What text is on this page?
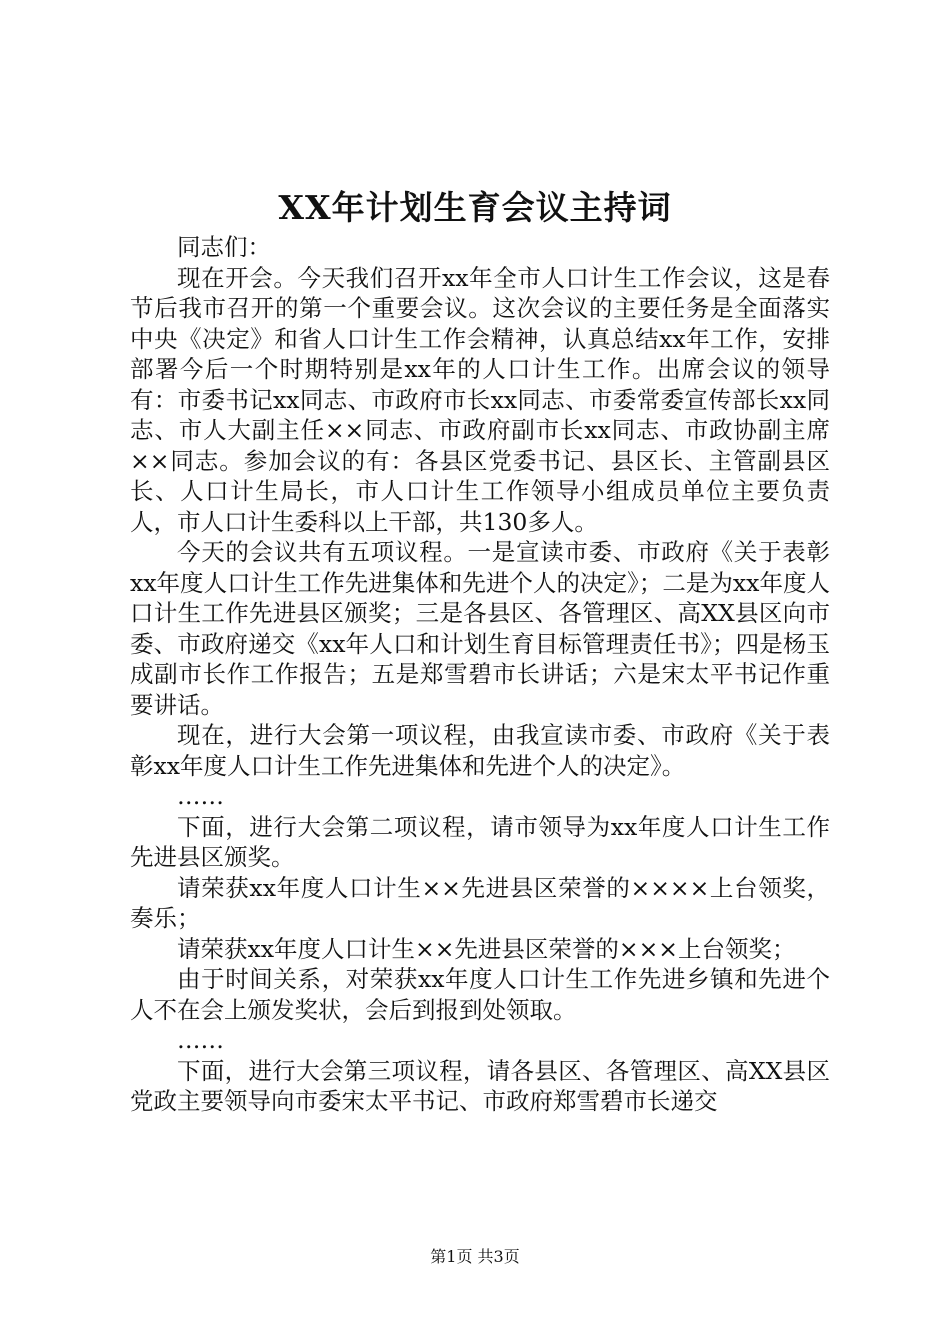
XX年计划生育会议主持词

同志们：

现在开会。今天我们召开xx年全市人口计生工作会议，这是春节后我市召开的第一个重要会议。这次会议的主要任务是全面落实中央《决定》和省人口计生工作会精神，认真总结xx年工作，安排部署今后一个时期特别是xx年的人口计生工作。出席会议的领导有：市委书记xx同志、市政府市长xx同志、市委常委宣传部长xx同志、市人大副主任××同志、市政府副市长xx同志、市政协副主席××同志。参加会议的有：各县区党委书记、县区长、主管副县区长、人口计生局长，市人口计生工作领导小组成员单位主要负责人，市人口计生委科以上干部，共130多人。

今天的会议共有五项议程。一是宣读市委、市政府《关于表彰xx年度人口计生工作先进集体和先进个人的决定》；二是为xx年度人口计生工作先进县区颁奖；三是各县区、各管理区、高XX县区向市委、市政府递交《xx年人口和计划生育目标管理责任书》；四是杨玉成副市长作工作报告；五是郑雪碧市长讲话；六是宋太平书记作重要讲话。

现在，进行大会第一项议程，由我宣读市委、市政府《关于表彰xx年度人口计生工作先进集体和先进个人的决定》。

……

下面，进行大会第二项议程，请市领导为xx年度人口计生工作先进县区颁奖。

请荣获xx年度人口计生××先进县区荣誉的××××上台领奖，奏乐；

请荣获xx年度人口计生××先进县区荣誉的×××上台领奖；

由于时间关系，对荣获xx年度人口计生工作先进乡镇和先进个人不在会上颁发奖状，会后到报到处领取。

……

下面，进行大会第三项议程，请各县区、各管理区、高XX县区党政主要领导向市委宋太平书记、市政府郑雪碧市长递交

第1页 共3页
